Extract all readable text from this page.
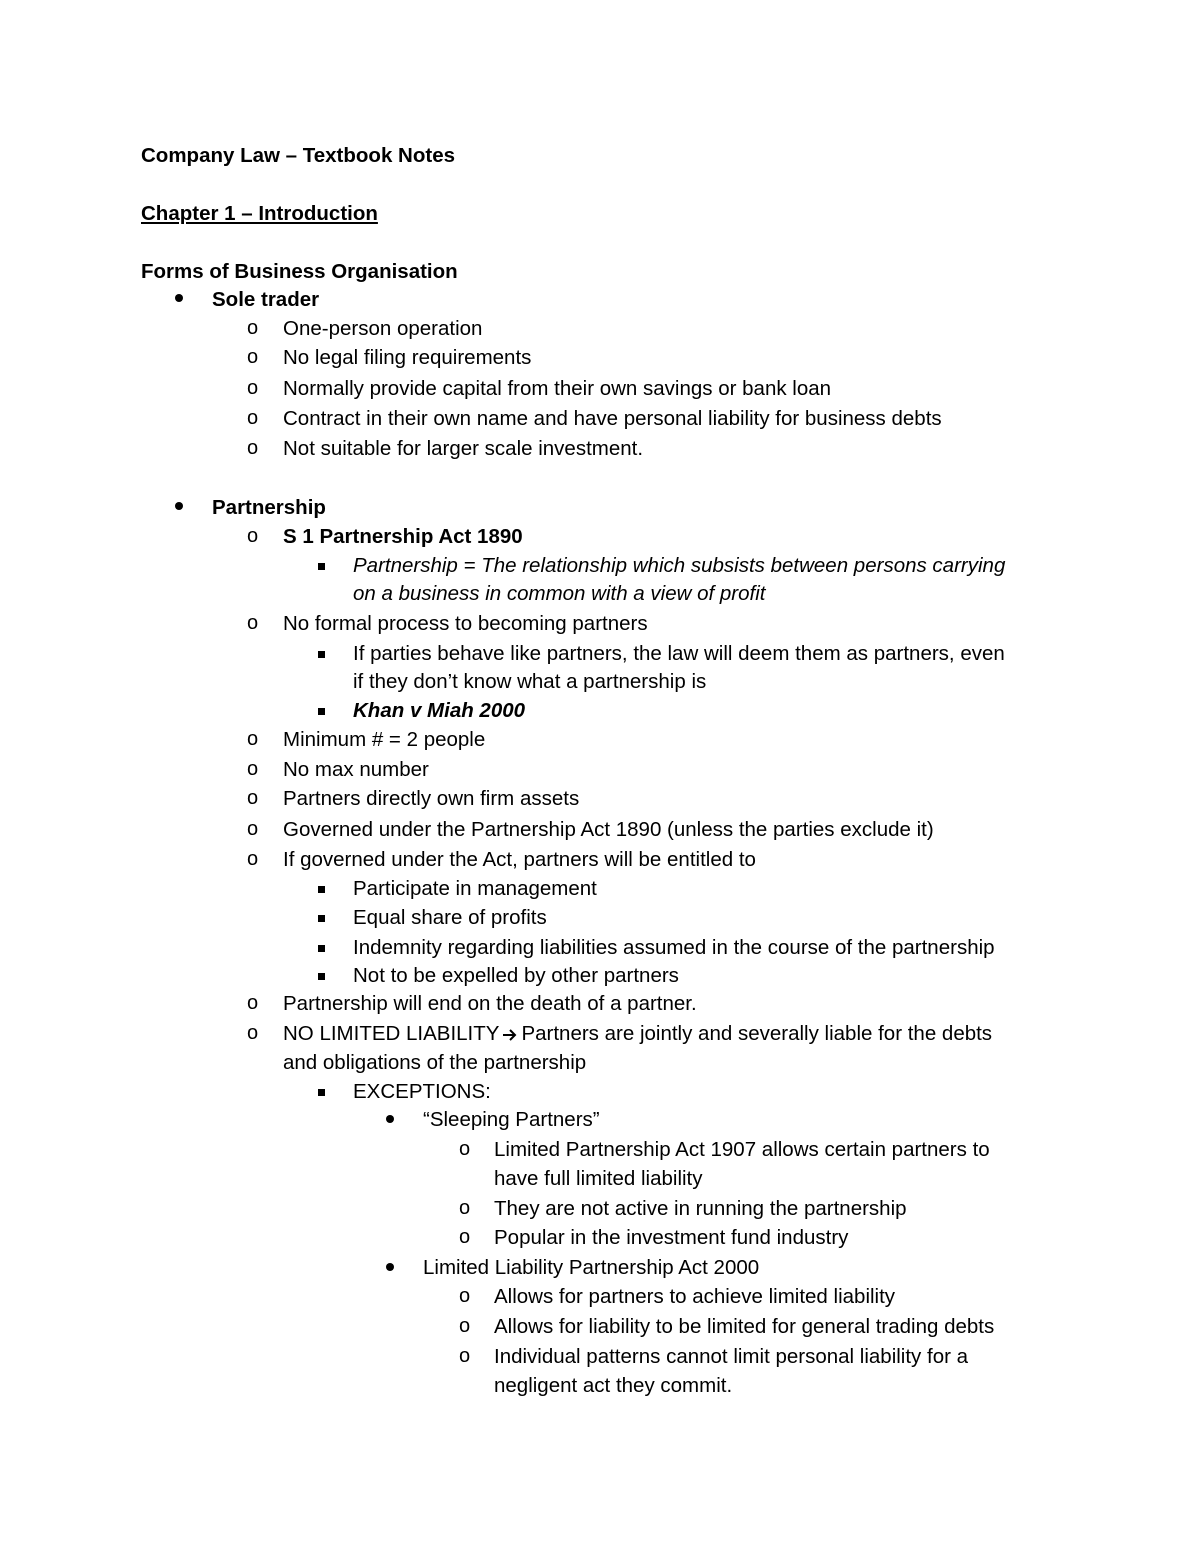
Company Law – Textbook Notes
Chapter 1 – Introduction
Forms of Business Organisation
Sole trader
o One-person operation
o No legal filing requirements
o Normally provide capital from their own savings or bank loan
o Contract in their own name and have personal liability for business debts
o Not suitable for larger scale investment.
Partnership
o S 1 Partnership Act 1890
Partnership = The relationship which subsists between persons carrying
on a business in common with a view of profit
o No formal process to becoming partners
If parties behave like partners, the law will deem them as partners, even
if they don’t know what a partnership is
Khan v Miah 2000
o Minimum # = 2 people
o No max number
o Partners directly own firm assets
o Governed under the Partnership Act 1890 (unless the parties exclude it)
o If governed under the Act, partners will be entitled to
Participate in management
Equal share of profits
Indemnity regarding liabilities assumed in the course of the partnership
Not to be expelled by other partners
o Partnership will end on the death of a partner.
o NO LIMITED LIABILITY Partners are jointly and severally liable for the debts
and obligations of the partnership
EXCEPTIONS:
“Sleeping Partners”
o Limited Partnership Act 1907 allows certain partners to
have full limited liability
o They are not active in running the partnership
o Popular in the investment fund industry
Limited Liability Partnership Act 2000
o Allows for partners to achieve limited liability
o Allows for liability to be limited for general trading debts
o Individual patterns cannot limit personal liability for a
negligent act they commit.
